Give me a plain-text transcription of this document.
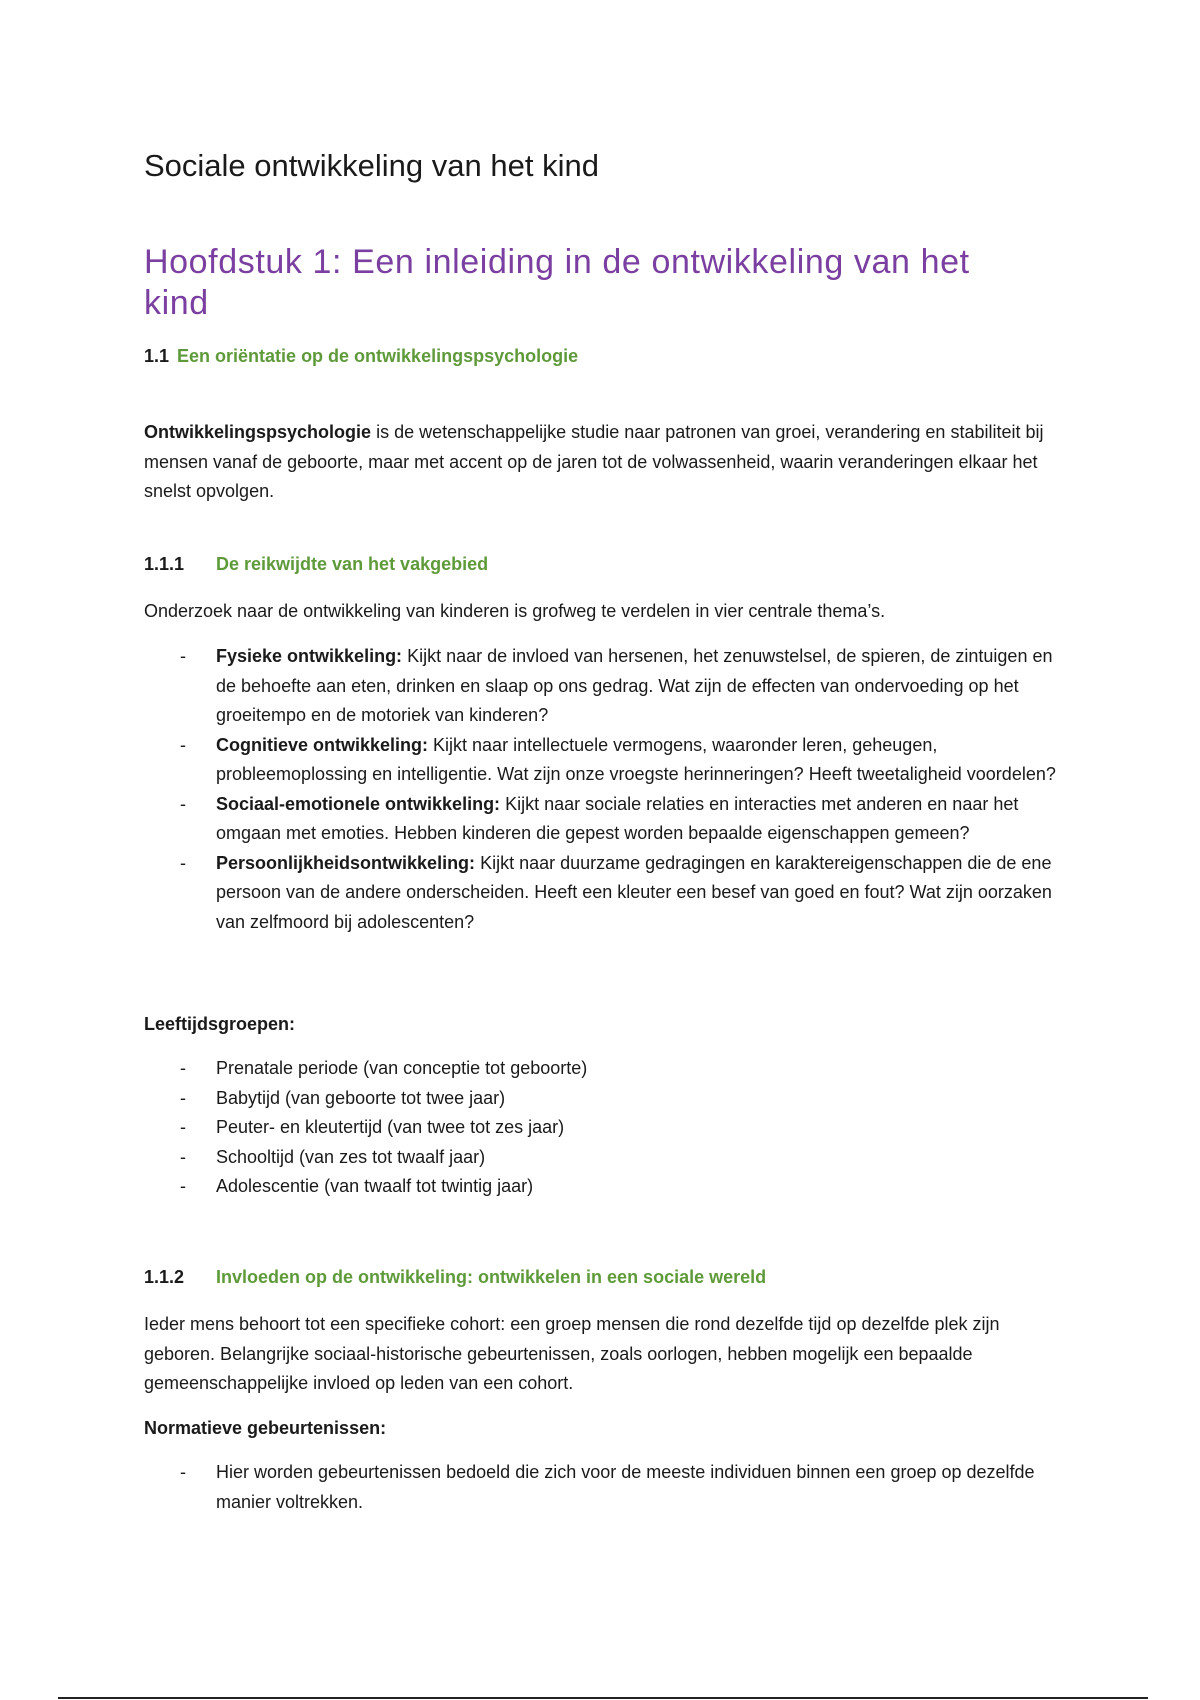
Sociale ontwikkeling van het kind
Hoofdstuk 1: Een inleiding in de ontwikkeling van het kind
1.1 Een oriëntatie op de ontwikkelingspsychologie

Ontwikkelingspsychologie is de wetenschappelijke studie naar patronen van groei, verandering en stabiliteit bij mensen vanaf de geboorte, maar met accent op de jaren tot de volwassenheid, waarin veranderingen elkaar het snelst opvolgen.

1.1.1 De reikwijdte van het vakgebied

Onderzoek naar de ontwikkeling van kinderen is grofweg te verdelen in vier centrale thema’s.

- Fysieke ontwikkeling: Kijkt naar de invloed van hersenen, het zenuwstelsel, de spieren, de zintuigen en de behoefte aan eten, drinken en slaap op ons gedrag. Wat zijn de effecten van ondervoeding op het groeitempo en de motoriek van kinderen?
- Cognitieve ontwikkeling: Kijkt naar intellectuele vermogens, waaronder leren, geheugen, probleemoplossing en intelligentie. Wat zijn onze vroegste herinneringen? Heeft tweetaligheid voordelen?
- Sociaal-emotionele ontwikkeling: Kijkt naar sociale relaties en interacties met anderen en naar het omgaan met emoties. Hebben kinderen die gepest worden bepaalde eigenschappen gemeen?
- Persoonlijkheidsontwikkeling: Kijkt naar duurzame gedragingen en karaktereigenschappen die de ene persoon van de andere onderscheiden. Heeft een kleuter een besef van goed en fout? Wat zijn oorzaken van zelfmoord bij adolescenten?

Leeftijdsgroepen:

- Prenatale periode (van conceptie tot geboorte)
- Babytijd (van geboorte tot twee jaar)
- Peuter- en kleutertijd (van twee tot zes jaar)
- Schooltijd (van zes tot twaalf jaar)
- Adolescentie (van twaalf tot twintig jaar)
1.1.2 Invloeden op de ontwikkeling: ontwikkelen in een sociale wereld

Ieder mens behoort tot een specifieke cohort: een groep mensen die rond dezelfde tijd op dezelfde plek zijn geboren. Belangrijke sociaal-historische gebeurtenissen, zoals oorlogen, hebben mogelijk een bepaalde gemeenschappelijke invloed op leden van een cohort.

Normatieve gebeurtenissen:

- Hier worden gebeurtenissen bedoeld die zich voor de meeste individuen binnen een groep op dezelfde manier voltrekken.
